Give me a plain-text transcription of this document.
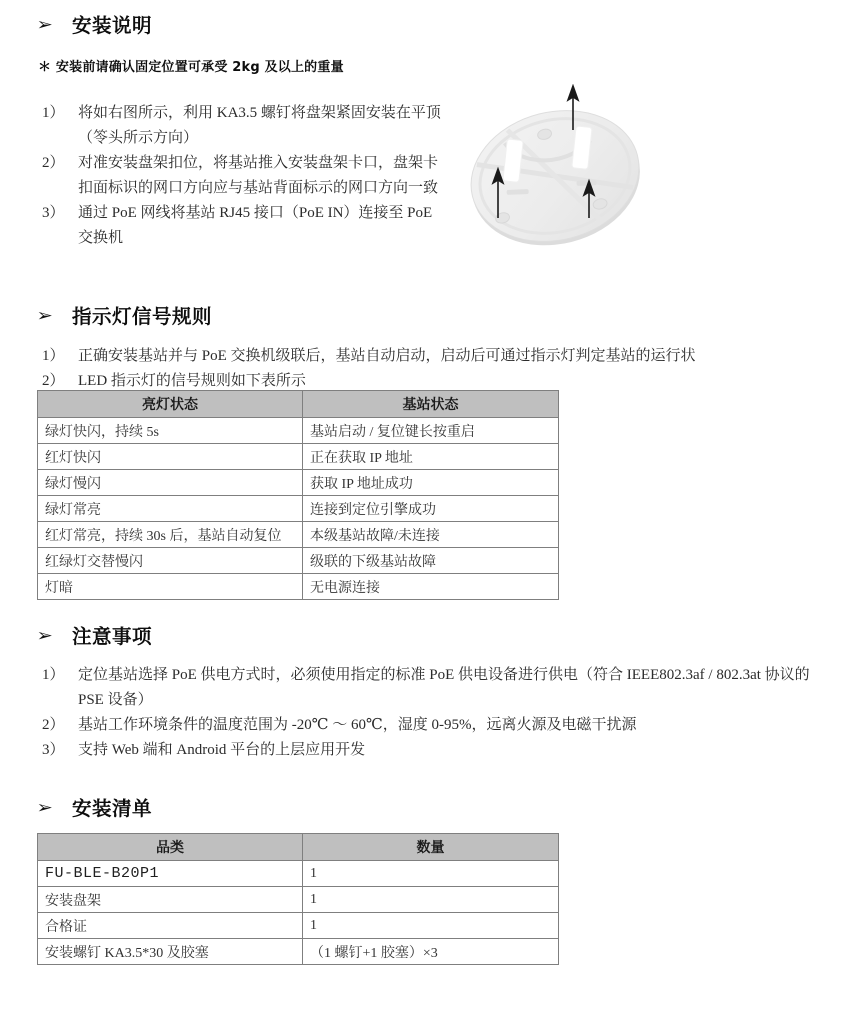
➢ 安装说明
＊ 安装前请确认固定位置可承受 2kg 及以上的重量
1） 将如右图所示，利用 KA3.5 螺钉将盘架紧固安装在平顶（笭头所示方向）
2） 对准安装盘架扣位，将基站推入安装盘架卡口，盘架卡扣面标识的网口方向应与基站背面标示的网口方向一致
3） 通过 PoE 网线将基站 RJ45 接口（PoE IN）连接至 PoE 交换机
➢ 指示灯信号规则
1） 正确安装基站并与 PoE 交换机级联后，基站自动启动，启动后可通过指示灯判定基站的运行状
2） LED 指示灯的信号规则如下表所示
亮灯状态	基站状态
绿灯快闪，持续 5s	基站启动 / 复位键长按重启
红灯快闪	正在获取 IP 地址
绿灯慢闪	获取 IP 地址成功
绿灯常亮	连接到定位引擎成功
红灯常亮，持续 30s 后，基站自动复位	本级基站故障/未连接
红绿灯交替慢闪	级联的下级基站故障
灯暗	无电源连接
➢ 注意事项
1） 定位基站选择 PoE 供电方式时，必须使用指定的标准 PoE 供电设备进行供电（符合 IEEE802.3af / 802.3at 协议的 PSE 设备）
2） 基站工作环境条件的温度范围为 -20℃ ～ 60℃，湿度 0-95%，远离火源及电磁干扰源
3） 支持 Web 端和 Android 平台的上层应用开发
➢ 安装清单
品类	数量
FU-BLE-B20P1	1
安装盘架	1
合格证	1
安装螺钉 KA3.5*30 及胶塞	（1 螺钉+1 胶塞）×3
